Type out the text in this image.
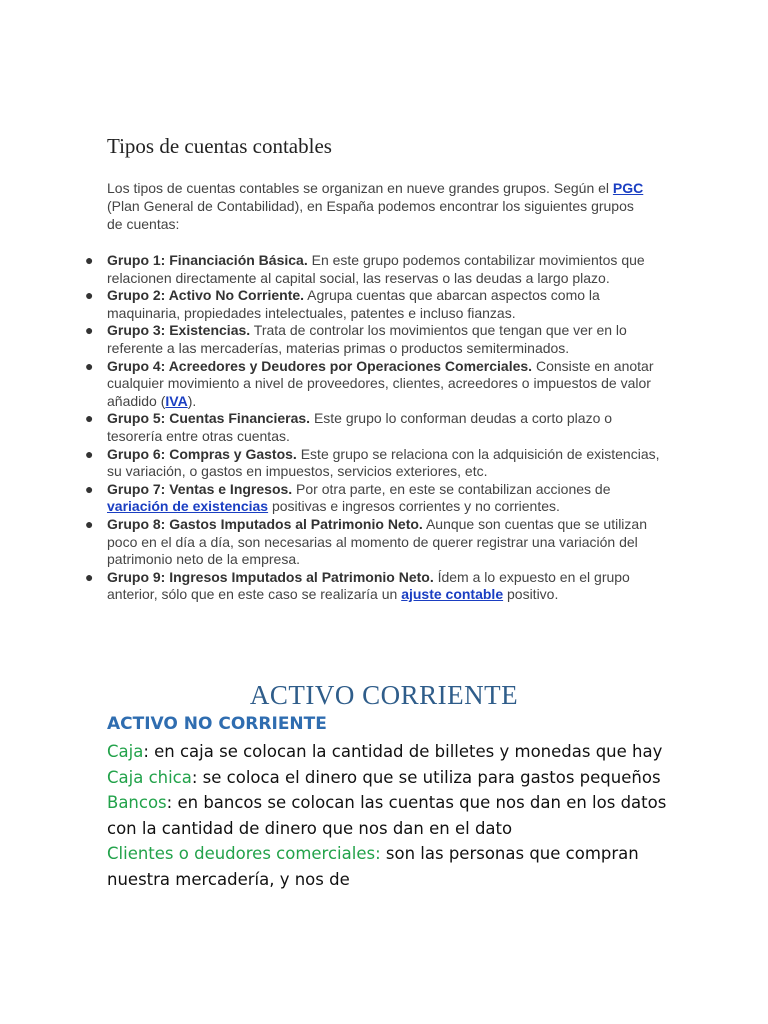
Tipos de cuentas contables

Los tipos de cuentas contables se organizan en nueve grandes grupos. Según el PGC (Plan General de Contabilidad), en España podemos encontrar los siguientes grupos de cuentas:

● Grupo 1: Financiación Básica. En este grupo podemos contabilizar movimientos que relacionen directamente al capital social, las reservas o las deudas a largo plazo.
● Grupo 2: Activo No Corriente. Agrupa cuentas que abarcan aspectos como la maquinaria, propiedades intelectuales, patentes e incluso fianzas.
● Grupo 3: Existencias. Trata de controlar los movimientos que tengan que ver en lo referente a las mercaderías, materias primas o productos semiterminados.
● Grupo 4: Acreedores y Deudores por Operaciones Comerciales. Consiste en anotar cualquier movimiento a nivel de proveedores, clientes, acreedores o impuestos de valor añadido (IVA).
● Grupo 5: Cuentas Financieras. Este grupo lo conforman deudas a corto plazo o tesorería entre otras cuentas.
● Grupo 6: Compras y Gastos. Este grupo se relaciona con la adquisición de existencias, su variación, o gastos en impuestos, servicios exteriores, etc.
● Grupo 7: Ventas e Ingresos. Por otra parte, en este se contabilizan acciones de variación de existencias positivas e ingresos corrientes y no corrientes.
● Grupo 8: Gastos Imputados al Patrimonio Neto. Aunque son cuentas que se utilizan poco en el día a día, son necesarias al momento de querer registrar una variación del patrimonio neto de la empresa.
● Grupo 9: Ingresos Imputados al Patrimonio Neto. Ídem a lo expuesto en el grupo anterior, sólo que en este caso se realizaría un ajuste contable positivo.
ACTIVO CORRIENTE
ACTIVO NO CORRIENTE
Caja: en caja se colocan la cantidad de billetes y monedas que hay
Caja chica: se coloca el dinero que se utiliza para gastos pequeños
Bancos: en bancos se colocan las cuentas que nos dan en los datos con la cantidad de dinero que nos dan en el dato
Clientes o deudores comerciales: son las personas que compran nuestra mercadería, y nos de
